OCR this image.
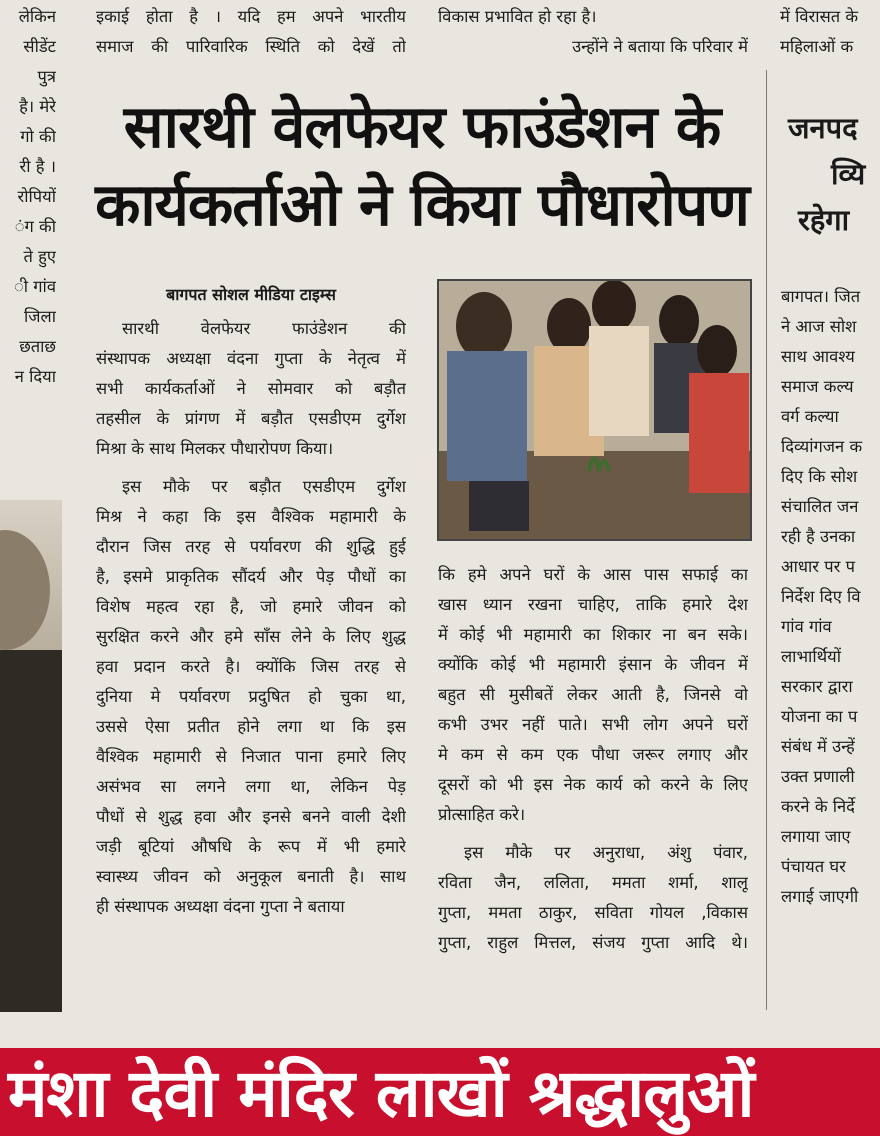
लेकिन
सीडेंट
पुत्र
है। मेरे
गो की
री है ।
रोपियों
ंग की
ते हुए
ी गांव
जिला
छताछ
न दिया
इकाई होता है । यदि हम अपने भारतीय
समाज की पारिवारिक स्थिति को देखें तो
विकास प्रभावित हो रहा है।
उन्होंने ने बताया कि परिवार में
में विरासत के
महिलाओं क
सारथी वेलफेयर फाउंडेशन के
कार्यकर्ताओ ने किया पौधारोपण
बागपत सोशल मीडिया टाइम्स
सारथी वेलफेयर फाउंडेशन की
संस्थापक अध्यक्षा वंदना गुप्ता के नेतृत्व में
सभी कार्यकर्ताओं ने सोमवार को बड़ौत
तहसील के प्रांगण में बड़ौत एसडीएम दुर्गेश
मिश्रा के साथ मिलकर पौधारोपण किया।
इस मौके पर बड़ौत एसडीएम दुर्गेश
मिश्र ने कहा कि इस वैश्विक महामारी के
दौरान जिस तरह से पर्यावरण की शुद्धि हुई
है, इसमे प्राकृतिक सौंदर्य और पेड़ पौधों का
विशेष महत्व रहा है, जो हमारे जीवन को
सुरक्षित करने और हमे साँस लेने के लिए शुद्ध
हवा प्रदान करते है। क्योंकि जिस तरह से
दुनिया मे पर्यावरण प्रदुषित हो चुका था,
उससे ऐसा प्रतीत होने लगा था कि इस
वैश्विक महामारी से निजात पाना हमारे लिए
असंभव सा लगने लगा था, लेकिन पेड़
पौधों से शुद्ध हवा और इनसे बनने वाली देशी
जड़ी बूटियां औषधि के रूप में भी हमारे
स्वास्थ्य जीवन को अनुकूल बनाती है। साथ
ही संस्थापक अध्यक्षा वंदना गुप्ता ने बताया
कि हमे अपने घरों के आस पास सफाई का
खास ध्यान रखना चाहिए, ताकि हमारे देश
में कोई भी महामारी का शिकार ना बन सके।
क्योंकि कोई भी महामारी इंसान के जीवन में
बहुत सी मुसीबतें लेकर आती है, जिनसे वो
कभी उभर नहीं पाते। सभी लोग अपने घरों
मे कम से कम एक पौधा जरूर लगाए और
दूसरों को भी इस नेक कार्य को करने के लिए
प्रोत्साहित करे।
इस मौके पर अनुराधा, अंशु पंवार,
रविता जैन, ललिता, ममता शर्मा, शालू
गुप्ता, ममता ठाकुर, सविता गोयल ,विकास
गुप्ता, राहुल मित्तल, संजय गुप्ता आदि थे।
जनपद
व्यि
रहेगा
बागपत। जित
ने आज सोश
साथ आवश्य
समाज कल्य
वर्ग कल्या
दिव्यांगजन क
दिए कि सोश
संचालित जन
रही है उनका
आधार पर प
निर्देश दिए वि
गांव गांव
लाभार्थियों
सरकार द्वारा
योजना का प
संबंध में उन्हें
उक्त प्रणाली
करने के निर्दे
लगाया जाए
पंचायत घर
लगाई जाएगी
मंशा देवी मंदिर लाखों श्रद्धालुओं
